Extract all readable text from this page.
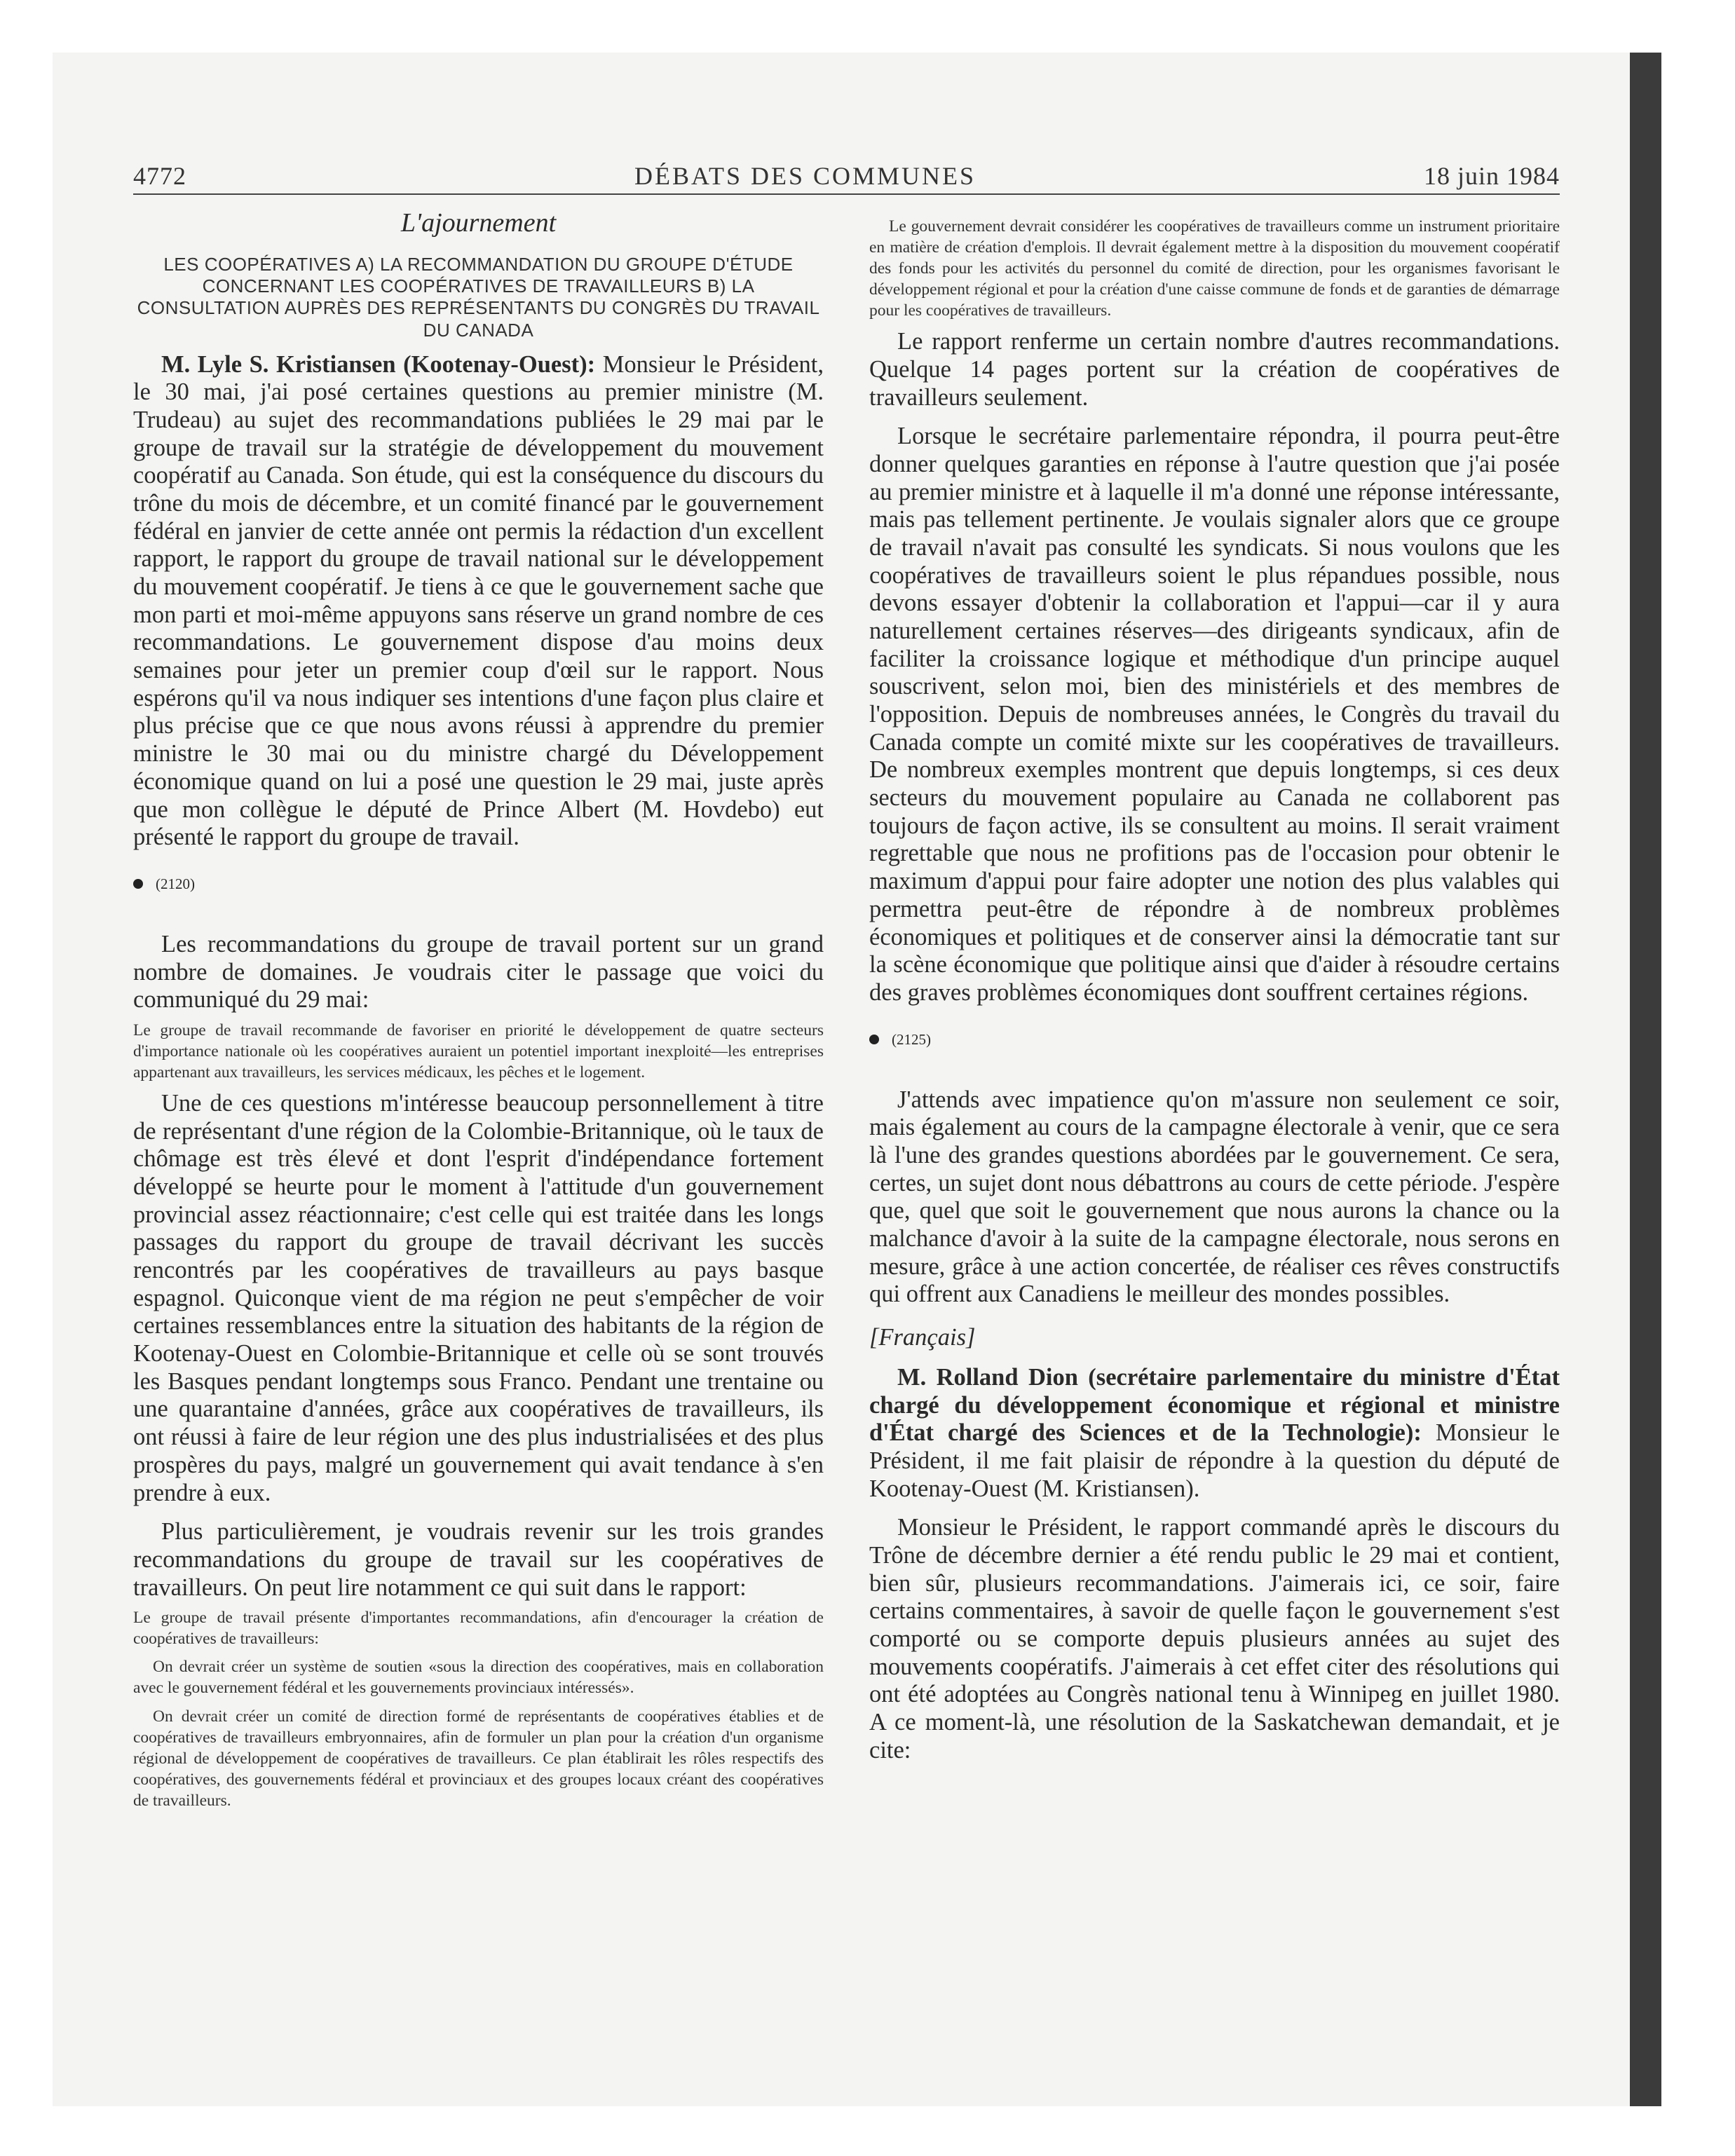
4772	DÉBATS DES COMMUNES	18 juin 1984

L'ajournement

LES COOPÉRATIVES A) LA RECOMMANDATION DU GROUPE D'ÉTUDE CONCERNANT LES COOPÉRATIVES DE TRAVAILLEURS B) LA CONSULTATION AUPRÈS DES REPRÉSENTANTS DU CONGRÈS DU TRAVAIL DU CANADA

M. Lyle S. Kristiansen (Kootenay-Ouest): Monsieur le Président, le 30 mai, j'ai posé certaines questions au premier ministre (M. Trudeau) au sujet des recommandations publiées le 29 mai par le groupe de travail sur la stratégie de développement du mouvement coopératif au Canada. Son étude, qui est la conséquence du discours du trône du mois de décembre, et un comité financé par le gouvernement fédéral en janvier de cette année ont permis la rédaction d'un excellent rapport, le rapport du groupe de travail national sur le développement du mouvement coopératif. Je tiens à ce que le gouvernement sache que mon parti et moi-même appuyons sans réserve un grand nombre de ces recommandations. Le gouvernement dispose d'au moins deux semaines pour jeter un premier coup d'œil sur le rapport. Nous espérons qu'il va nous indiquer ses intentions d'une façon plus claire et plus précise que ce que nous avons réussi à apprendre du premier ministre le 30 mai ou du ministre chargé du Développement économique quand on lui a posé une question le 29 mai, juste après que mon collègue le député de Prince Albert (M. Hovdebo) eut présenté le rapport du groupe de travail.

(2120)

Les recommandations du groupe de travail portent sur un grand nombre de domaines. Je voudrais citer le passage que voici du communiqué du 29 mai:

Le groupe de travail recommande de favoriser en priorité le développement de quatre secteurs d'importance nationale où les coopératives auraient un potentiel important inexploité—les entreprises appartenant aux travailleurs, les services médicaux, les pêches et le logement.

Une de ces questions m'intéresse beaucoup personnellement à titre de représentant d'une région de la Colombie-Britannique, où le taux de chômage est très élevé et dont l'esprit d'indépendance fortement développé se heurte pour le moment à l'attitude d'un gouvernement provincial assez réactionnaire; c'est celle qui est traitée dans les longs passages du rapport du groupe de travail décrivant les succès rencontrés par les coopératives de travailleurs au pays basque espagnol. Quiconque vient de ma région ne peut s'empêcher de voir certaines ressemblances entre la situation des habitants de la région de Kootenay-Ouest en Colombie-Britannique et celle où se sont trouvés les Basques pendant longtemps sous Franco. Pendant une trentaine ou une quarantaine d'années, grâce aux coopératives de travailleurs, ils ont réussi à faire de leur région une des plus industrialisées et des plus prospères du pays, malgré un gouvernement qui avait tendance à s'en prendre à eux.

Plus particulièrement, je voudrais revenir sur les trois grandes recommandations du groupe de travail sur les coopératives de travailleurs. On peut lire notamment ce qui suit dans le rapport:

Le groupe de travail présente d'importantes recommandations, afin d'encourager la création de coopératives de travailleurs:

On devrait créer un système de soutien «sous la direction des coopératives, mais en collaboration avec le gouvernement fédéral et les gouvernements provinciaux intéressés».

On devrait créer un comité de direction formé de représentants de coopératives établies et de coopératives de travailleurs embryonnaires, afin de formuler un plan pour la création d'un organisme régional de développement de coopératives de travailleurs. Ce plan établirait les rôles respectifs des coopératives, des gouvernements fédéral et provinciaux et des groupes locaux créant des coopératives de travailleurs.

Le gouvernement devrait considérer les coopératives de travailleurs comme un instrument prioritaire en matière de création d'emplois. Il devrait également mettre à la disposition du mouvement coopératif des fonds pour les activités du personnel du comité de direction, pour les organismes favorisant le développement régional et pour la création d'une caisse commune de fonds et de garanties de démarrage pour les coopératives de travailleurs.

Le rapport renferme un certain nombre d'autres recommandations. Quelque 14 pages portent sur la création de coopératives de travailleurs seulement.

Lorsque le secrétaire parlementaire répondra, il pourra peut-être donner quelques garanties en réponse à l'autre question que j'ai posée au premier ministre et à laquelle il m'a donné une réponse intéressante, mais pas tellement pertinente. Je voulais signaler alors que ce groupe de travail n'avait pas consulté les syndicats. Si nous voulons que les coopératives de travailleurs soient le plus répandues possible, nous devons essayer d'obtenir la collaboration et l'appui—car il y aura naturellement certaines réserves—des dirigeants syndicaux, afin de faciliter la croissance logique et méthodique d'un principe auquel souscrivent, selon moi, bien des ministériels et des membres de l'opposition. Depuis de nombreuses années, le Congrès du travail du Canada compte un comité mixte sur les coopératives de travailleurs. De nombreux exemples montrent que depuis longtemps, si ces deux secteurs du mouvement populaire au Canada ne collaborent pas toujours de façon active, ils se consultent au moins. Il serait vraiment regrettable que nous ne profitions pas de l'occasion pour obtenir le maximum d'appui pour faire adopter une notion des plus valables qui permettra peut-être de répondre à de nombreux problèmes économiques et politiques et de conserver ainsi la démocratie tant sur la scène économique que politique ainsi que d'aider à résoudre certains des graves problèmes économiques dont souffrent certaines régions.

(2125)

J'attends avec impatience qu'on m'assure non seulement ce soir, mais également au cours de la campagne électorale à venir, que ce sera là l'une des grandes questions abordées par le gouvernement. Ce sera, certes, un sujet dont nous débattrons au cours de cette période. J'espère que, quel que soit le gouvernement que nous aurons la chance ou la malchance d'avoir à la suite de la campagne électorale, nous serons en mesure, grâce à une action concertée, de réaliser ces rêves constructifs qui offrent aux Canadiens le meilleur des mondes possibles.

[Français]

M. Rolland Dion (secrétaire parlementaire du ministre d'État chargé du développement économique et régional et ministre d'État chargé des Sciences et de la Technologie): Monsieur le Président, il me fait plaisir de répondre à la question du député de Kootenay-Ouest (M. Kristiansen).

Monsieur le Président, le rapport commandé après le discours du Trône de décembre dernier a été rendu public le 29 mai et contient, bien sûr, plusieurs recommandations. J'aimerais ici, ce soir, faire certains commentaires, à savoir de quelle façon le gouvernement s'est comporté ou se comporte depuis plusieurs années au sujet des mouvements coopératifs. J'aimerais à cet effet citer des résolutions qui ont été adoptées au Congrès national tenu à Winnipeg en juillet 1980. A ce moment-là, une résolution de la Saskatchewan demandait, et je cite:
